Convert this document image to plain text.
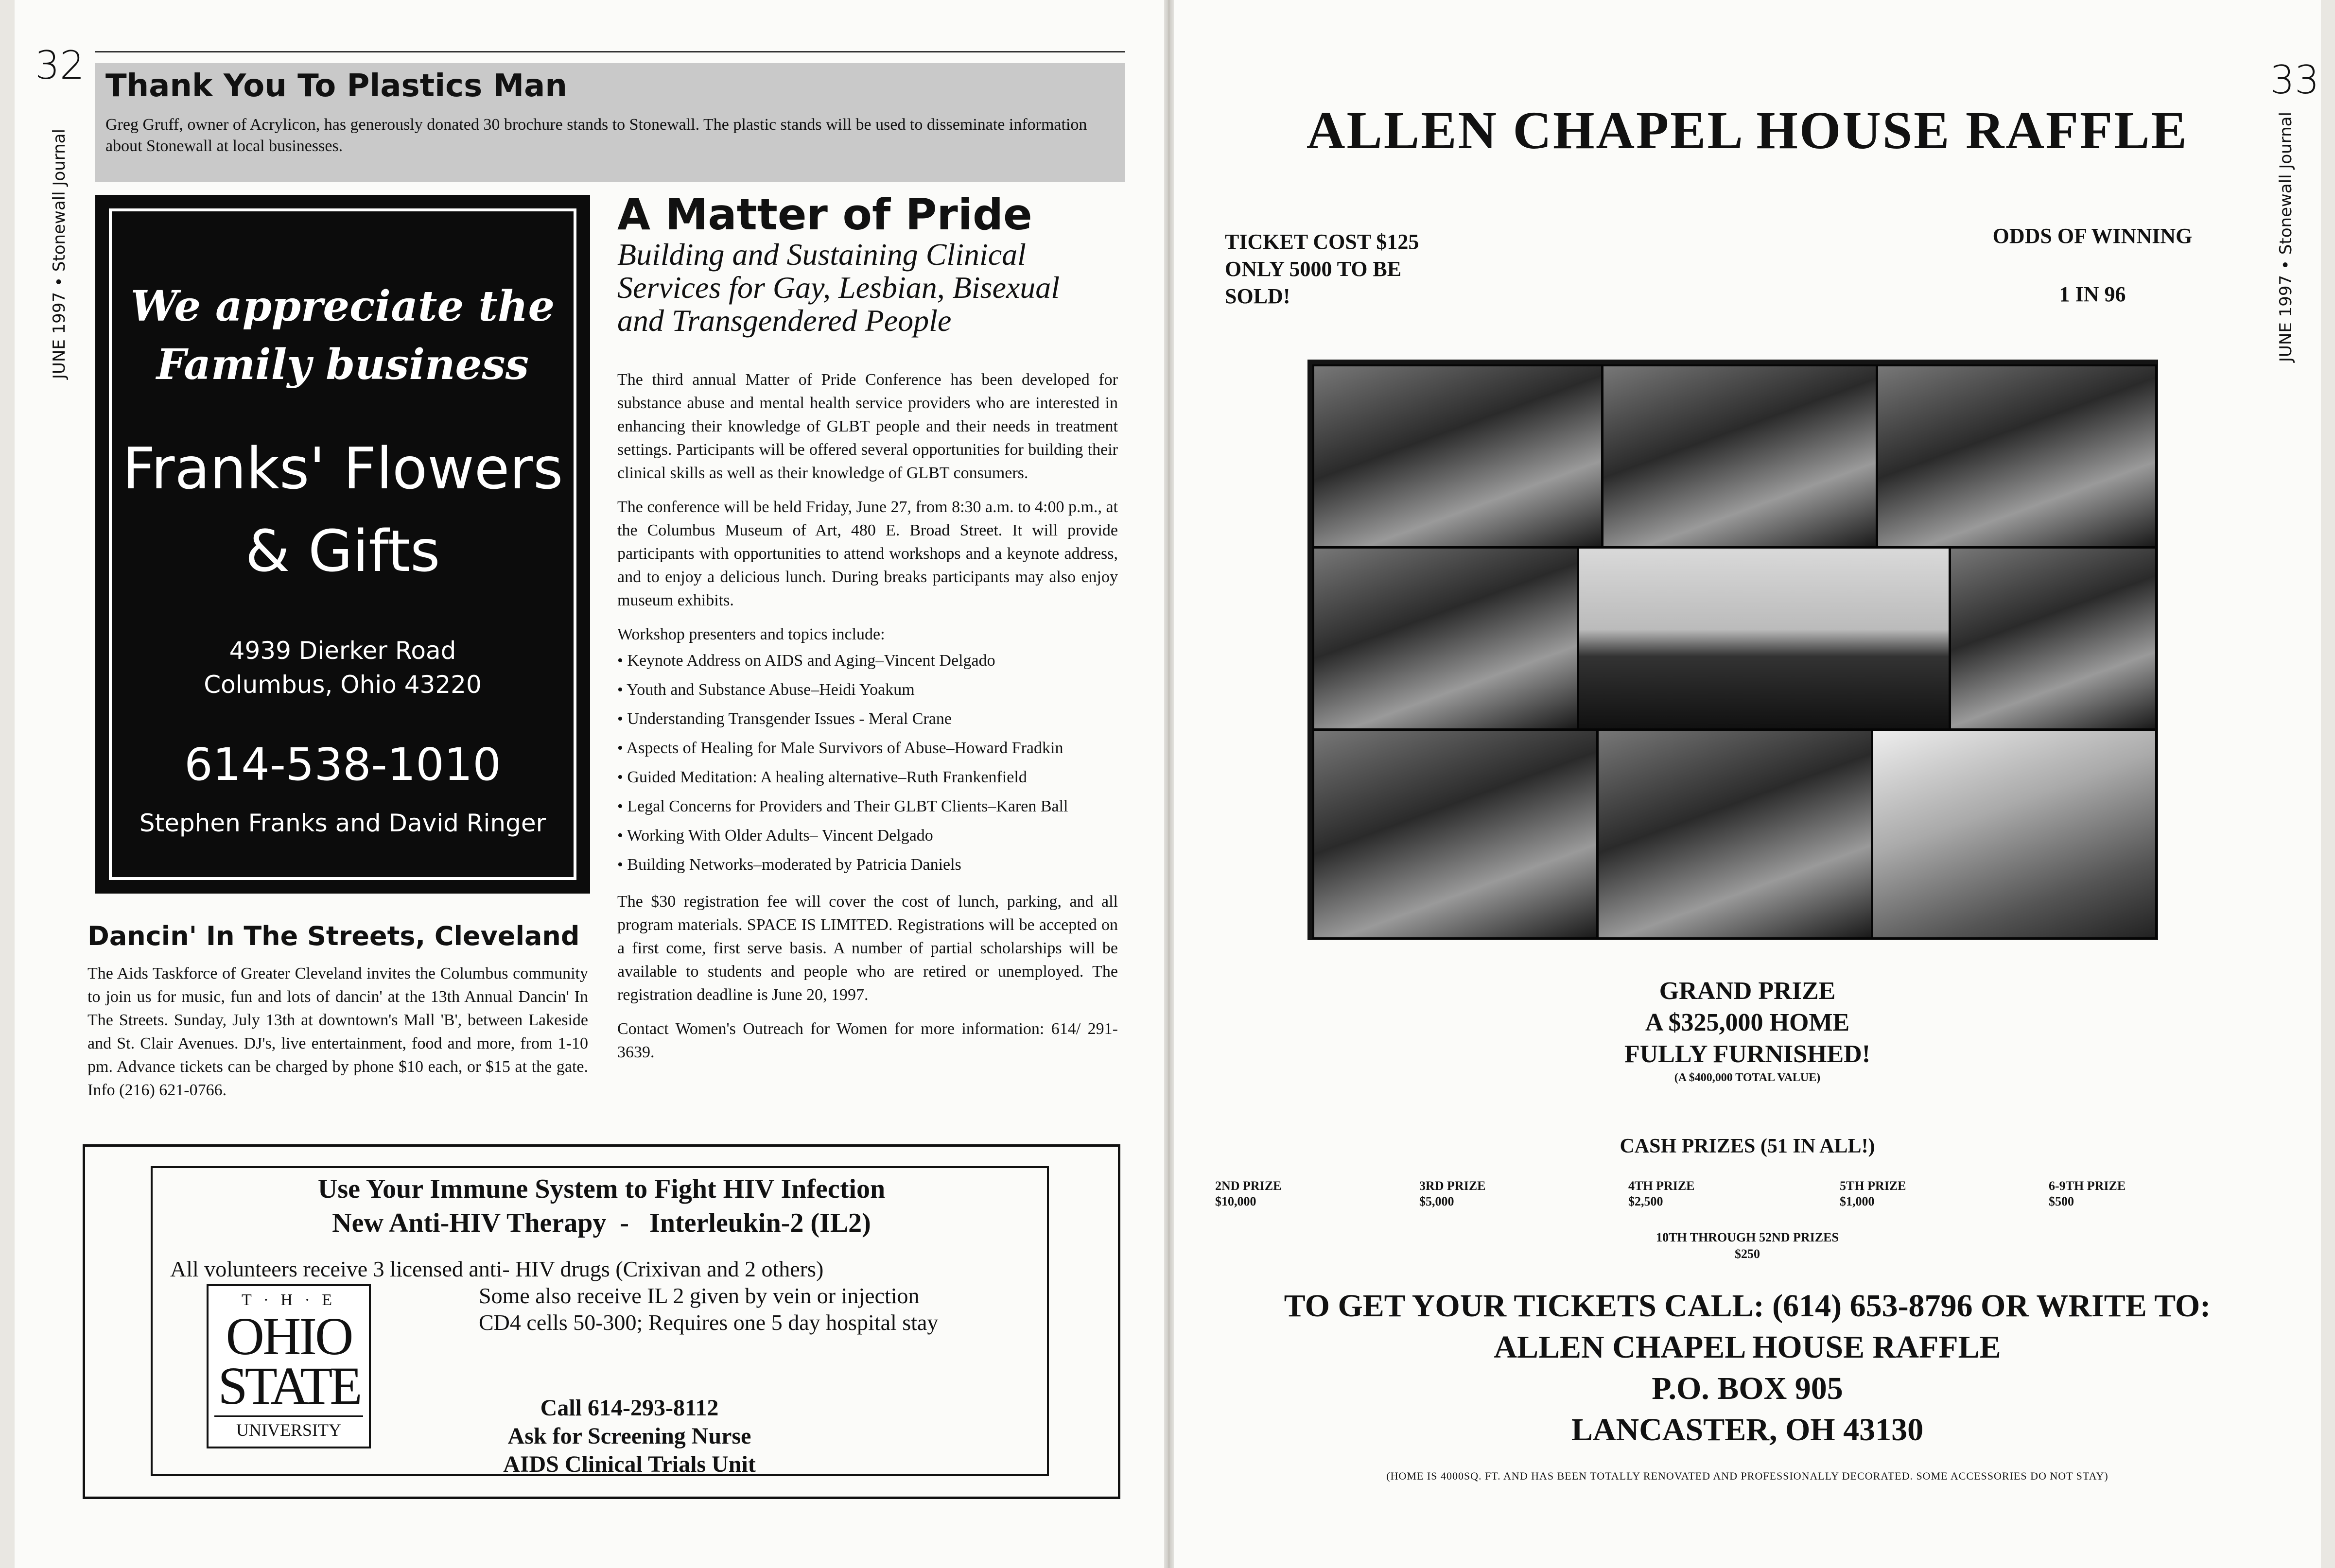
32
JUNE 1997 • Stonewall Journal
Thank You To Plastics Man
Greg Gruff, owner of Acrylicon, has generously donated 30 brochure stands to Stonewall. The plastic stands will be used to disseminate information about Stonewall at local businesses.
We appreciate the
Family business
Franks' Flowers
& Gifts
4939 Dierker Road
Columbus, Ohio 43220
614-538-1010
Stephen Franks and David Ringer
A Matter of Pride
Building and Sustaining Clinical Services for Gay, Lesbian, Bisexual and Transgendered People

The third annual Matter of Pride Conference has been developed for substance abuse and mental health service providers who are interested in enhancing their knowledge of GLBT people and their needs in treatment settings. Participants will be offered several opportunities for building their clinical skills as well as their knowledge of GLBT consumers.

The conference will be held Friday, June 27, from 8:30 a.m. to 4:00 p.m., at the Columbus Museum of Art, 480 E. Broad Street. It will provide participants with opportunities to attend workshops and a keynote address, and to enjoy a delicious lunch. During breaks participants may also enjoy museum exhibits.

Workshop presenters and topics include:

• Keynote Address on AIDS and Aging–Vincent Delgado
• Youth and Substance Abuse–Heidi Yoakum
• Understanding Transgender Issues - Meral Crane
• Aspects of Healing for Male Survivors of Abuse–Howard Fradkin
• Guided Meditation: A healing alternative–Ruth Frankenfield
• Legal Concerns for Providers and Their GLBT Clients–Karen Ball
• Working With Older Adults– Vincent Delgado
• Building Networks–moderated by Patricia Daniels

The $30 registration fee will cover the cost of lunch, parking, and all program materials. SPACE IS LIMITED. Registrations will be accepted on a first come, first serve basis. A number of partial scholarships will be available to students and people who are retired or unemployed. The registration deadline is June 20, 1997.

Contact Women's Outreach for Women for more information: 614/ 291-3639.

Dancin' In The Streets, Cleveland
The Aids Taskforce of Greater Cleveland invites the Columbus community to join us for music, fun and lots of dancin' at the 13th Annual Dancin' In The Streets. Sunday, July 13th at downtown's Mall 'B', between Lakeside and St. Clair Avenues. DJ's, live entertainment, food and more, from 1-10 pm. Advance tickets can be charged by phone $10 each, or $15 at the gate. Info (216) 621-0766.
Use Your Immune System to Fight HIV Infection
New Anti-HIV Therapy  -   Interleukin-2 (IL2)
All volunteers receive 3 licensed anti- HIV drugs (Crixivan and 2 others)
Some also receive IL 2 given by vein or injection
CD4 cells 50-300; Requires one 5 day hospital stay
T · H · E
OHIO
STATE
UNIVERSITY
Call 614-293-8112
Ask for Screening Nurse
AIDS Clinical Trials Unit
33
JUNE 1997 • Stonewall Journal
ALLEN CHAPEL HOUSE RAFFLE
TICKET COST $125
ONLY 5000 TO BE
SOLD!
ODDS OF WINNING
1 IN 96
GRAND PRIZE
A $325,000 HOME
FULLY FURNISHED!
(A $400,000 TOTAL VALUE)
CASH PRIZES (51 IN ALL!)
2ND PRIZE
$10,000
3RD PRIZE
$5,000
4TH PRIZE
$2,500
5TH PRIZE
$1,000
6-9TH PRIZE
$500
10TH THROUGH 52ND PRIZES
$250
TO GET YOUR TICKETS CALL: (614) 653-8796 OR WRITE TO:
ALLEN CHAPEL HOUSE RAFFLE
P.O. BOX 905
LANCASTER, OH 43130
(HOME IS 4000SQ. FT. AND HAS BEEN TOTALLY RENOVATED AND PROFESSIONALLY DECORATED. SOME ACCESSORIES DO NOT STAY)
